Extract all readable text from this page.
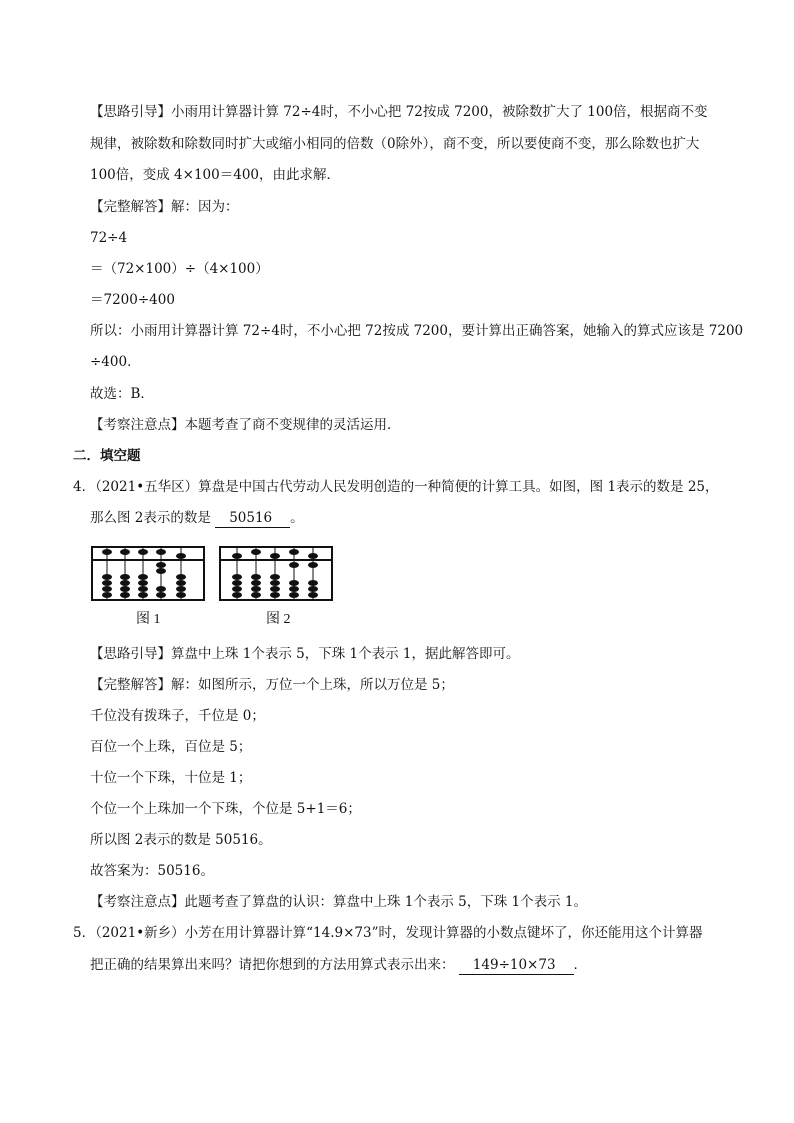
【思路引导】小雨用计算器计算 72÷4时，不小心把 72按成 7200，被除数扩大了 100倍，根据商不变
规律，被除数和除数同时扩大或缩小相同的倍数（0除外），商不变，所以要使商不变，那么除数也扩大
100倍，变成 4×100＝400，由此求解．
【完整解答】解：因为：
72÷4
＝（72×100）÷（4×100）
＝7200÷400
所以：小雨用计算器计算 72÷4时，不小心把 72按成 7200，要计算出正确答案，她输入的算式应该是 7200
÷400．
故选：B．
【考察注意点】本题考查了商不变规律的灵活运用．
二．填空题
4．（2021•五华区）算盘是中国古代劳动人民发明创造的一种简便的计算工具。如图，图 1表示的数是 25，
那么图 2表示的数是 50516 。
图 1	图 2
【思路引导】算盘中上珠 1个表示 5，下珠 1个表示 1，据此解答即可。
【完整解答】解：如图所示，万位一个上珠，所以万位是 5；
千位没有拨珠子，千位是 0；
百位一个上珠，百位是 5；
十位一个下珠，十位是 1；
个位一个上珠加一个下珠，个位是 5+1＝6；
所以图 2表示的数是 50516。
故答案为：50516。
【考察注意点】此题考查了算盘的认识：算盘中上珠 1个表示 5，下珠 1个表示 1。
5．（2021•新乡）小芳在用计算器计算“14.9×73”时，发现计算器的小数点键坏了，你还能用这个计算器
把正确的结果算出来吗？请把你想到的方法用算式表示出来： 149÷10×73 ．
